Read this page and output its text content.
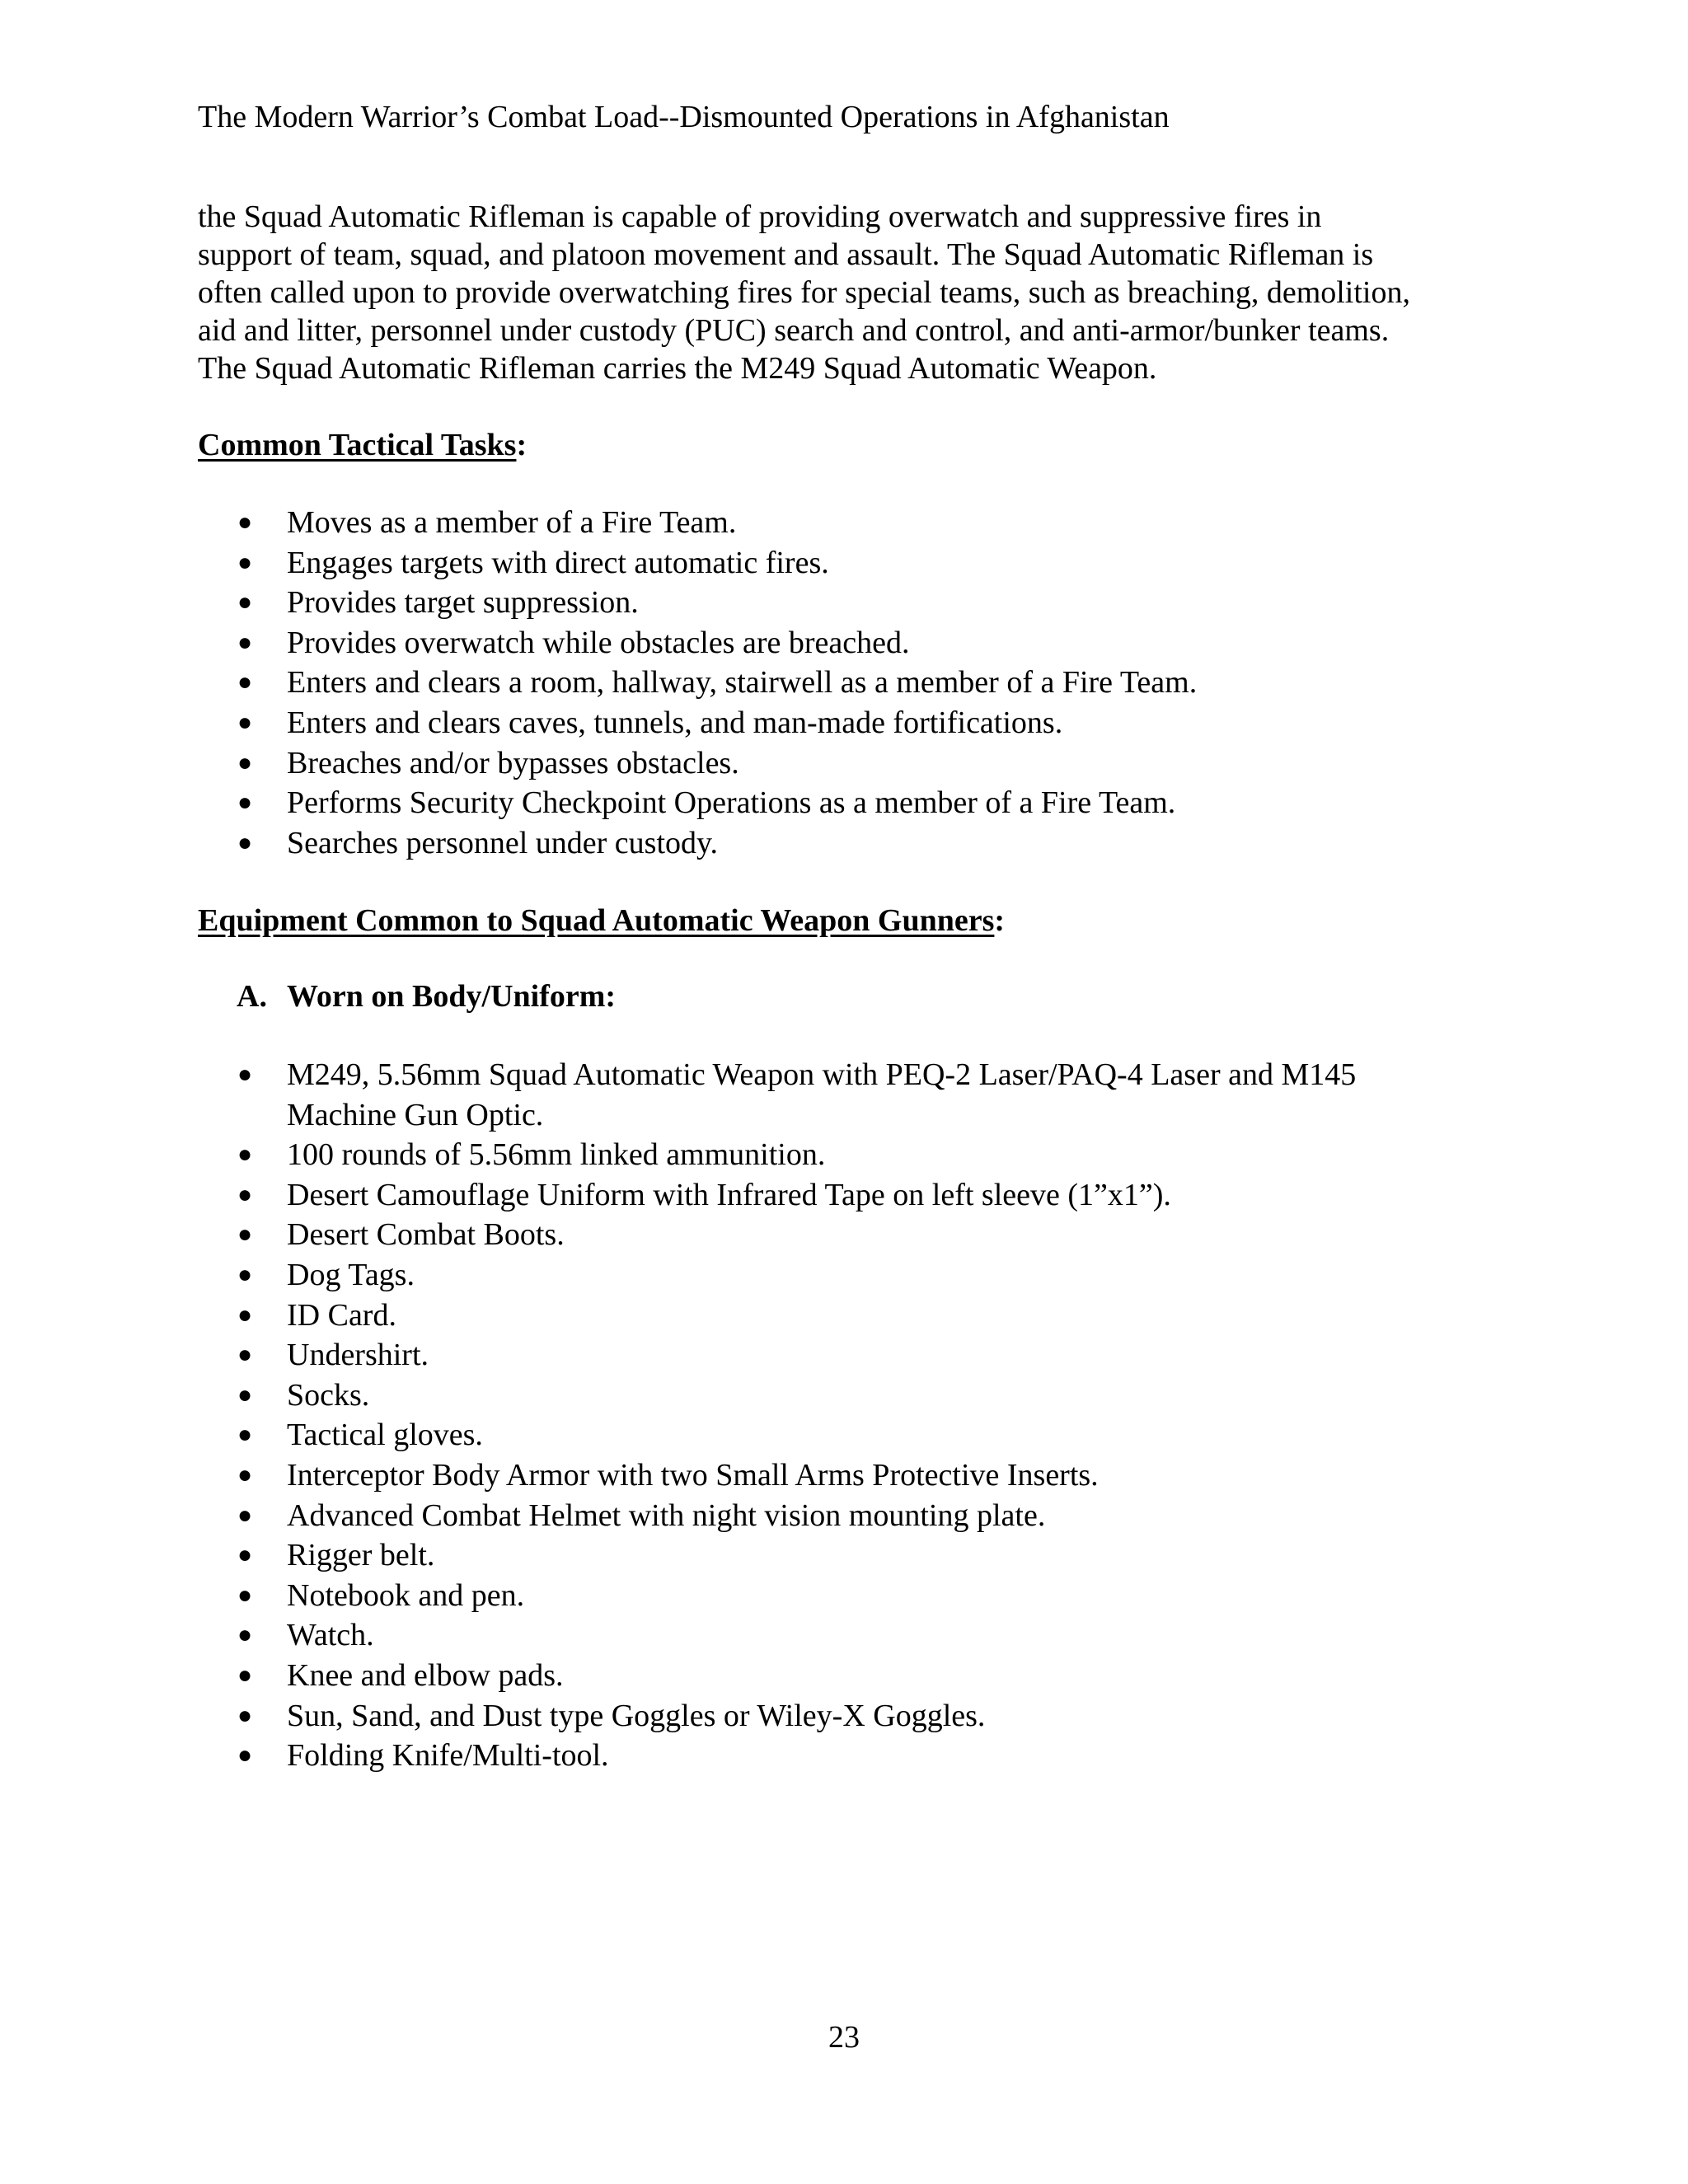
The Modern Warrior’s Combat Load--Dismounted Operations in Afghanistan
the Squad Automatic Rifleman is capable of providing overwatch and suppressive fires in
support of team, squad, and platoon movement and assault. The Squad Automatic Rifleman is
often called upon to provide overwatching fires for special teams, such as breaching, demolition,
aid and litter, personnel under custody (PUC) search and control, and anti-armor/bunker teams.
The Squad Automatic Rifleman carries the M249 Squad Automatic Weapon.
Common Tactical Tasks:
● Moves as a member of a Fire Team.
● Engages targets with direct automatic fires.
● Provides target suppression.
● Provides overwatch while obstacles are breached.
● Enters and clears a room, hallway, stairwell as a member of a Fire Team.
● Enters and clears caves, tunnels, and man-made fortifications.
● Breaches and/or bypasses obstacles.
● Performs Security Checkpoint Operations as a member of a Fire Team.
● Searches personnel under custody.
Equipment Common to Squad Automatic Weapon Gunners:
A. Worn on Body/Uniform:
● M249, 5.56mm Squad Automatic Weapon with PEQ-2 Laser/PAQ-4 Laser and M145
Machine Gun Optic.
● 100 rounds of 5.56mm linked ammunition.
● Desert Camouflage Uniform with Infrared Tape on left sleeve (1”x1”).
● Desert Combat Boots.
● Dog Tags.
● ID Card.
● Undershirt.
● Socks.
● Tactical gloves.
● Interceptor Body Armor with two Small Arms Protective Inserts.
● Advanced Combat Helmet with night vision mounting plate.
● Rigger belt.
● Notebook and pen.
● Watch.
● Knee and elbow pads.
● Sun, Sand, and Dust type Goggles or Wiley-X Goggles.
● Folding Knife/Multi-tool.
23
